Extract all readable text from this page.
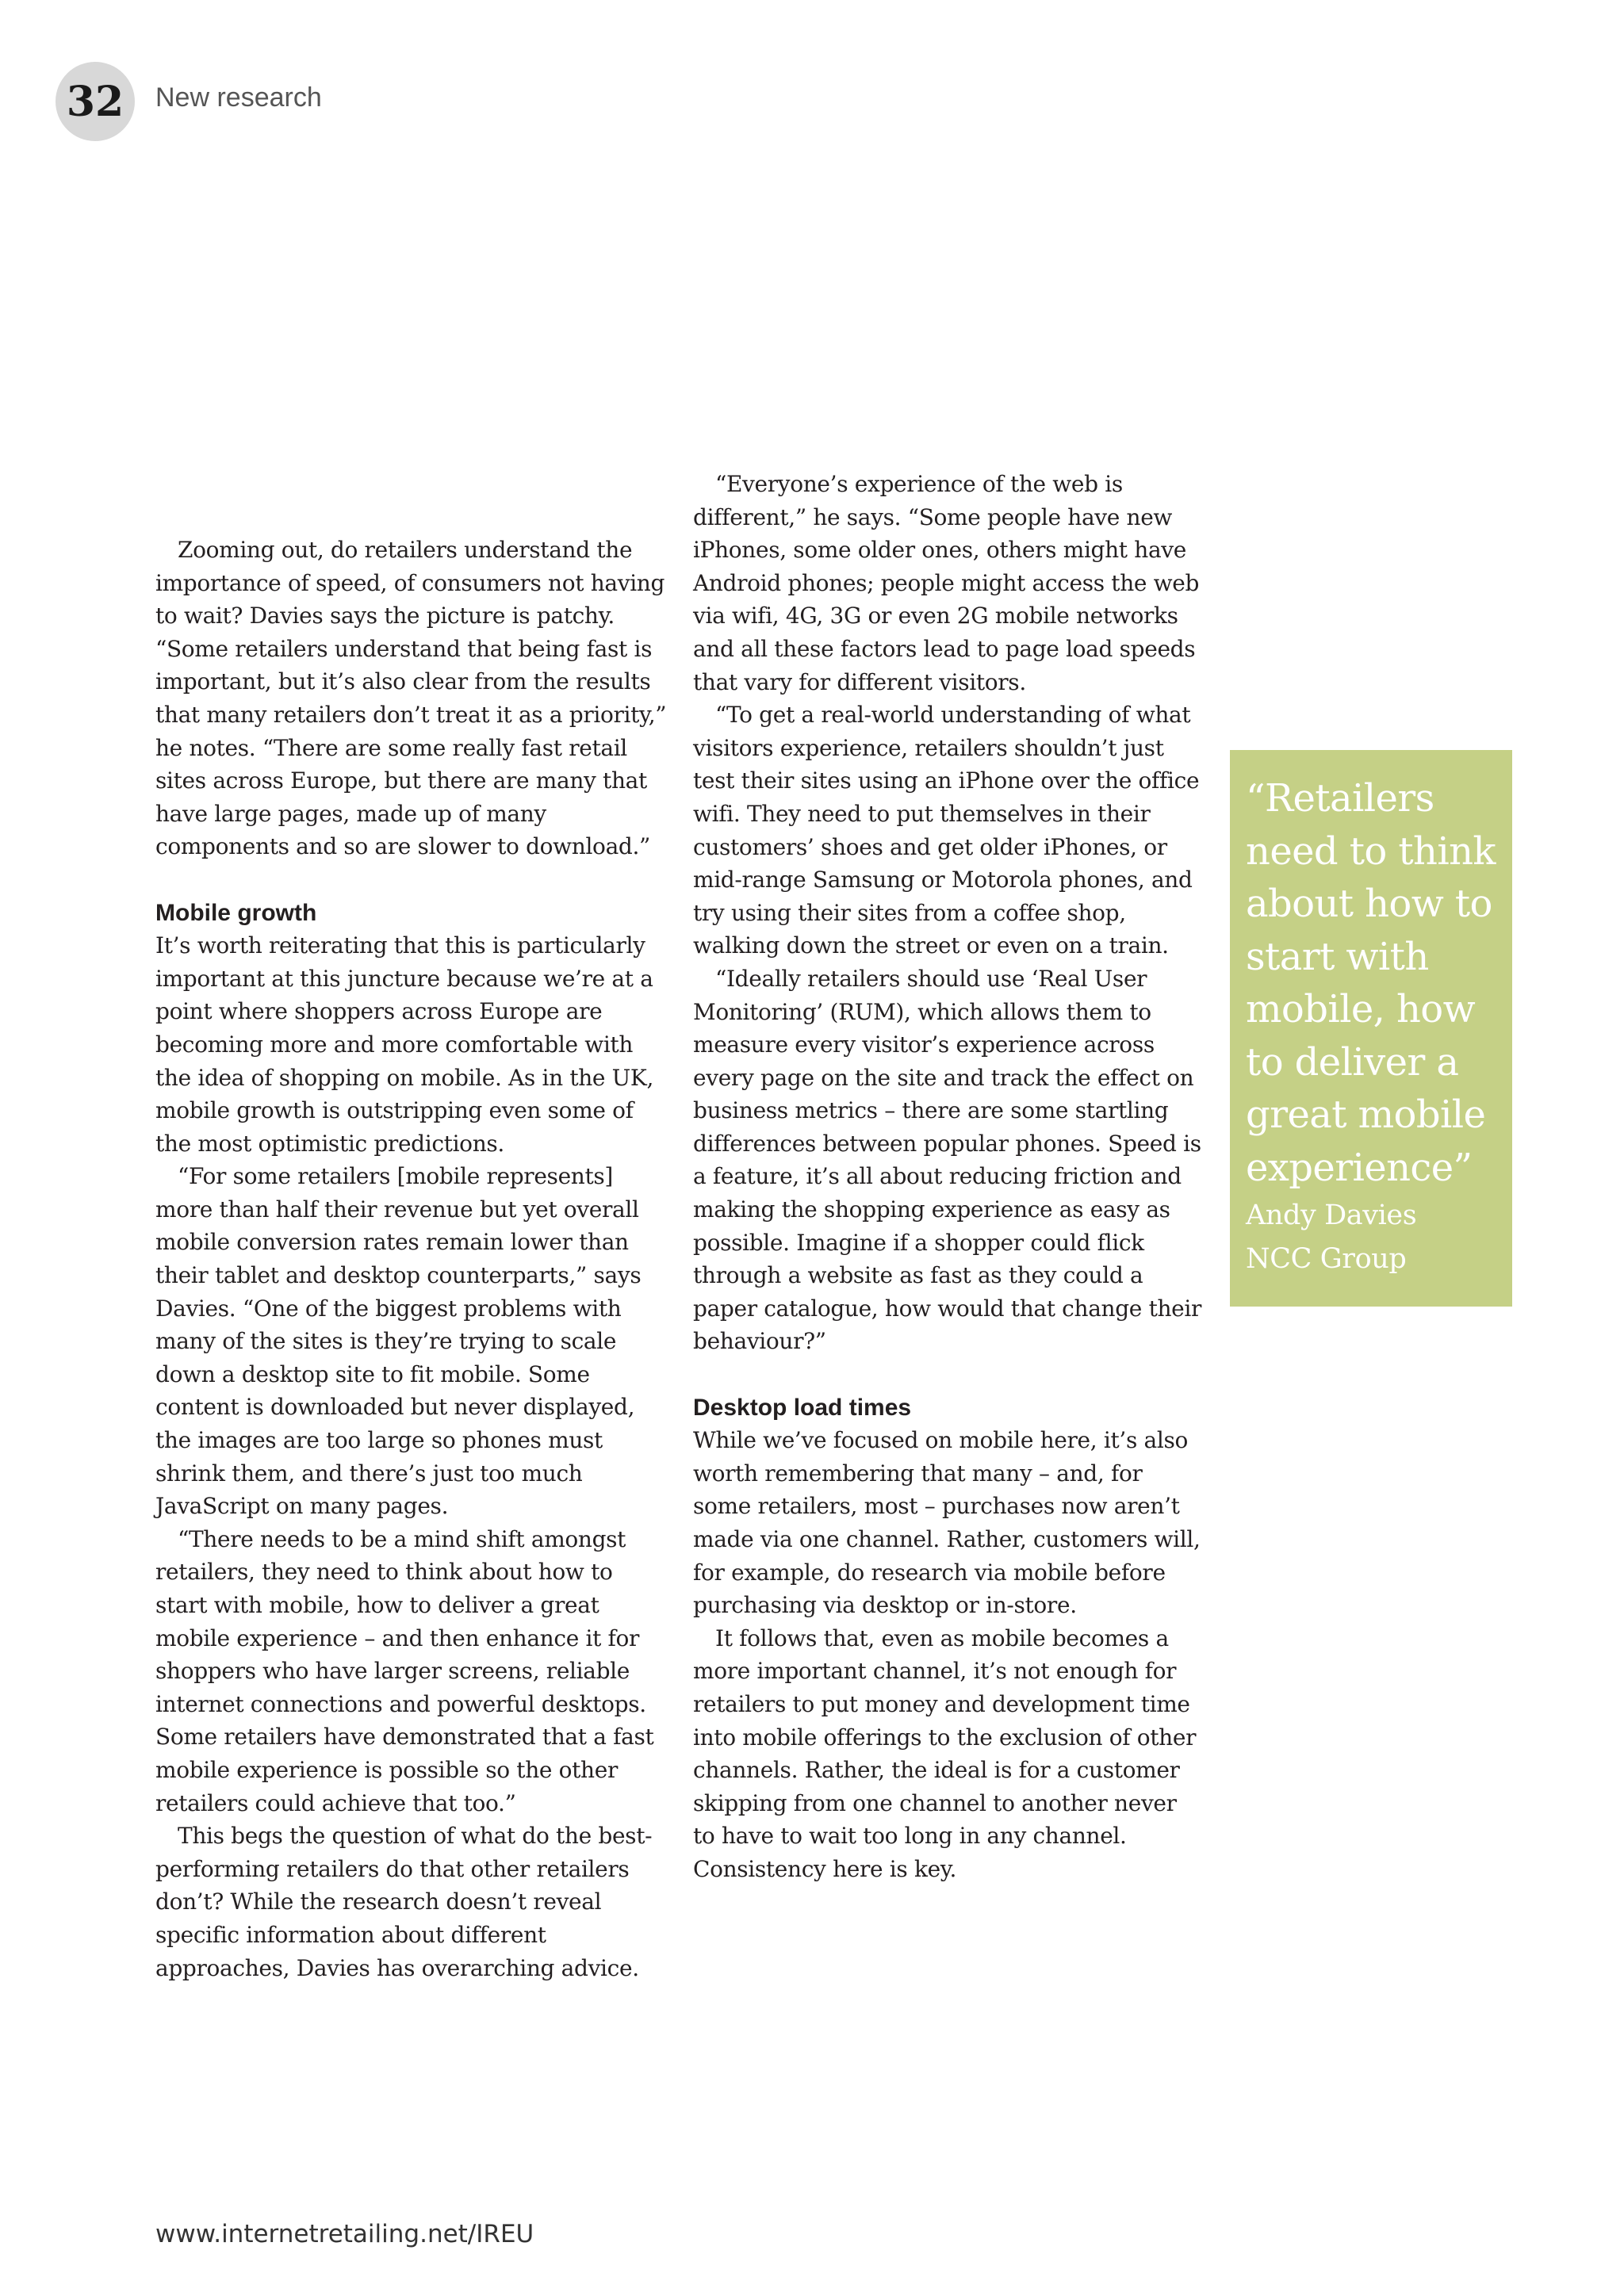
32 New research

Zooming out, do retailers understand the importance of speed, of consumers not having to wait? Davies says the picture is patchy. “Some retailers understand that being fast is important, but it’s also clear from the results that many retailers don’t treat it as a priority,” he notes. “There are some really fast retail sites across Europe, but there are many that have large pages, made up of many components and so are slower to download.”

Mobile growth

It’s worth reiterating that this is particularly important at this juncture because we’re at a point where shoppers across Europe are becoming more and more comfortable with the idea of shopping on mobile. As in the UK, mobile growth is outstripping even some of the most optimistic predictions.

“For some retailers [mobile represents] more than half their revenue but yet overall mobile conversion rates remain lower than their tablet and desktop counterparts,” says Davies. “One of the biggest problems with many of the sites is they’re trying to scale down a desktop site to fit mobile. Some content is downloaded but never displayed, the images are too large so phones must shrink them, and there’s just too much JavaScript on many pages.

“There needs to be a mind shift amongst retailers, they need to think about how to start with mobile, how to deliver a great mobile experience – and then enhance it for shoppers who have larger screens, reliable internet connections and powerful desktops. Some retailers have demonstrated that a fast mobile experience is possible so the other retailers could achieve that too.”

This begs the question of what do the best-performing retailers do that other retailers don’t? While the research doesn’t reveal specific information about different approaches, Davies has overarching advice.

“Everyone’s experience of the web is different,” he says. “Some people have new iPhones, some older ones, others might have Android phones; people might access the web via wifi, 4G, 3G or even 2G mobile networks and all these factors lead to page load speeds that vary for different visitors.

“To get a real-world understanding of what visitors experience, retailers shouldn’t just test their sites using an iPhone over the office wifi. They need to put themselves in their customers’ shoes and get older iPhones, or mid-range Samsung or Motorola phones, and try using their sites from a coffee shop, walking down the street or even on a train.

“Ideally retailers should use ‘Real User Monitoring’ (RUM), which allows them to measure every visitor’s experience across every page on the site and track the effect on business metrics – there are some startling differences between popular phones. Speed is a feature, it’s all about reducing friction and making the shopping experience as easy as possible. Imagine if a shopper could flick through a website as fast as they could a paper catalogue, how would that change their behaviour?”

Desktop load times

While we’ve focused on mobile here, it’s also worth remembering that many – and, for some retailers, most – purchases now aren’t made via one channel. Rather, customers will, for example, do research via mobile before purchasing via desktop or in-store.

It follows that, even as mobile becomes a more important channel, it’s not enough for retailers to put money and development time into mobile offerings to the exclusion of other channels. Rather, the ideal is for a customer skipping from one channel to another never to have to wait too long in any channel. Consistency here is key.

“Retailers need to think about how to start with mobile, how to deliver a great mobile experience”
Andy Davies
NCC Group
www.internetretailing.net/IREU
